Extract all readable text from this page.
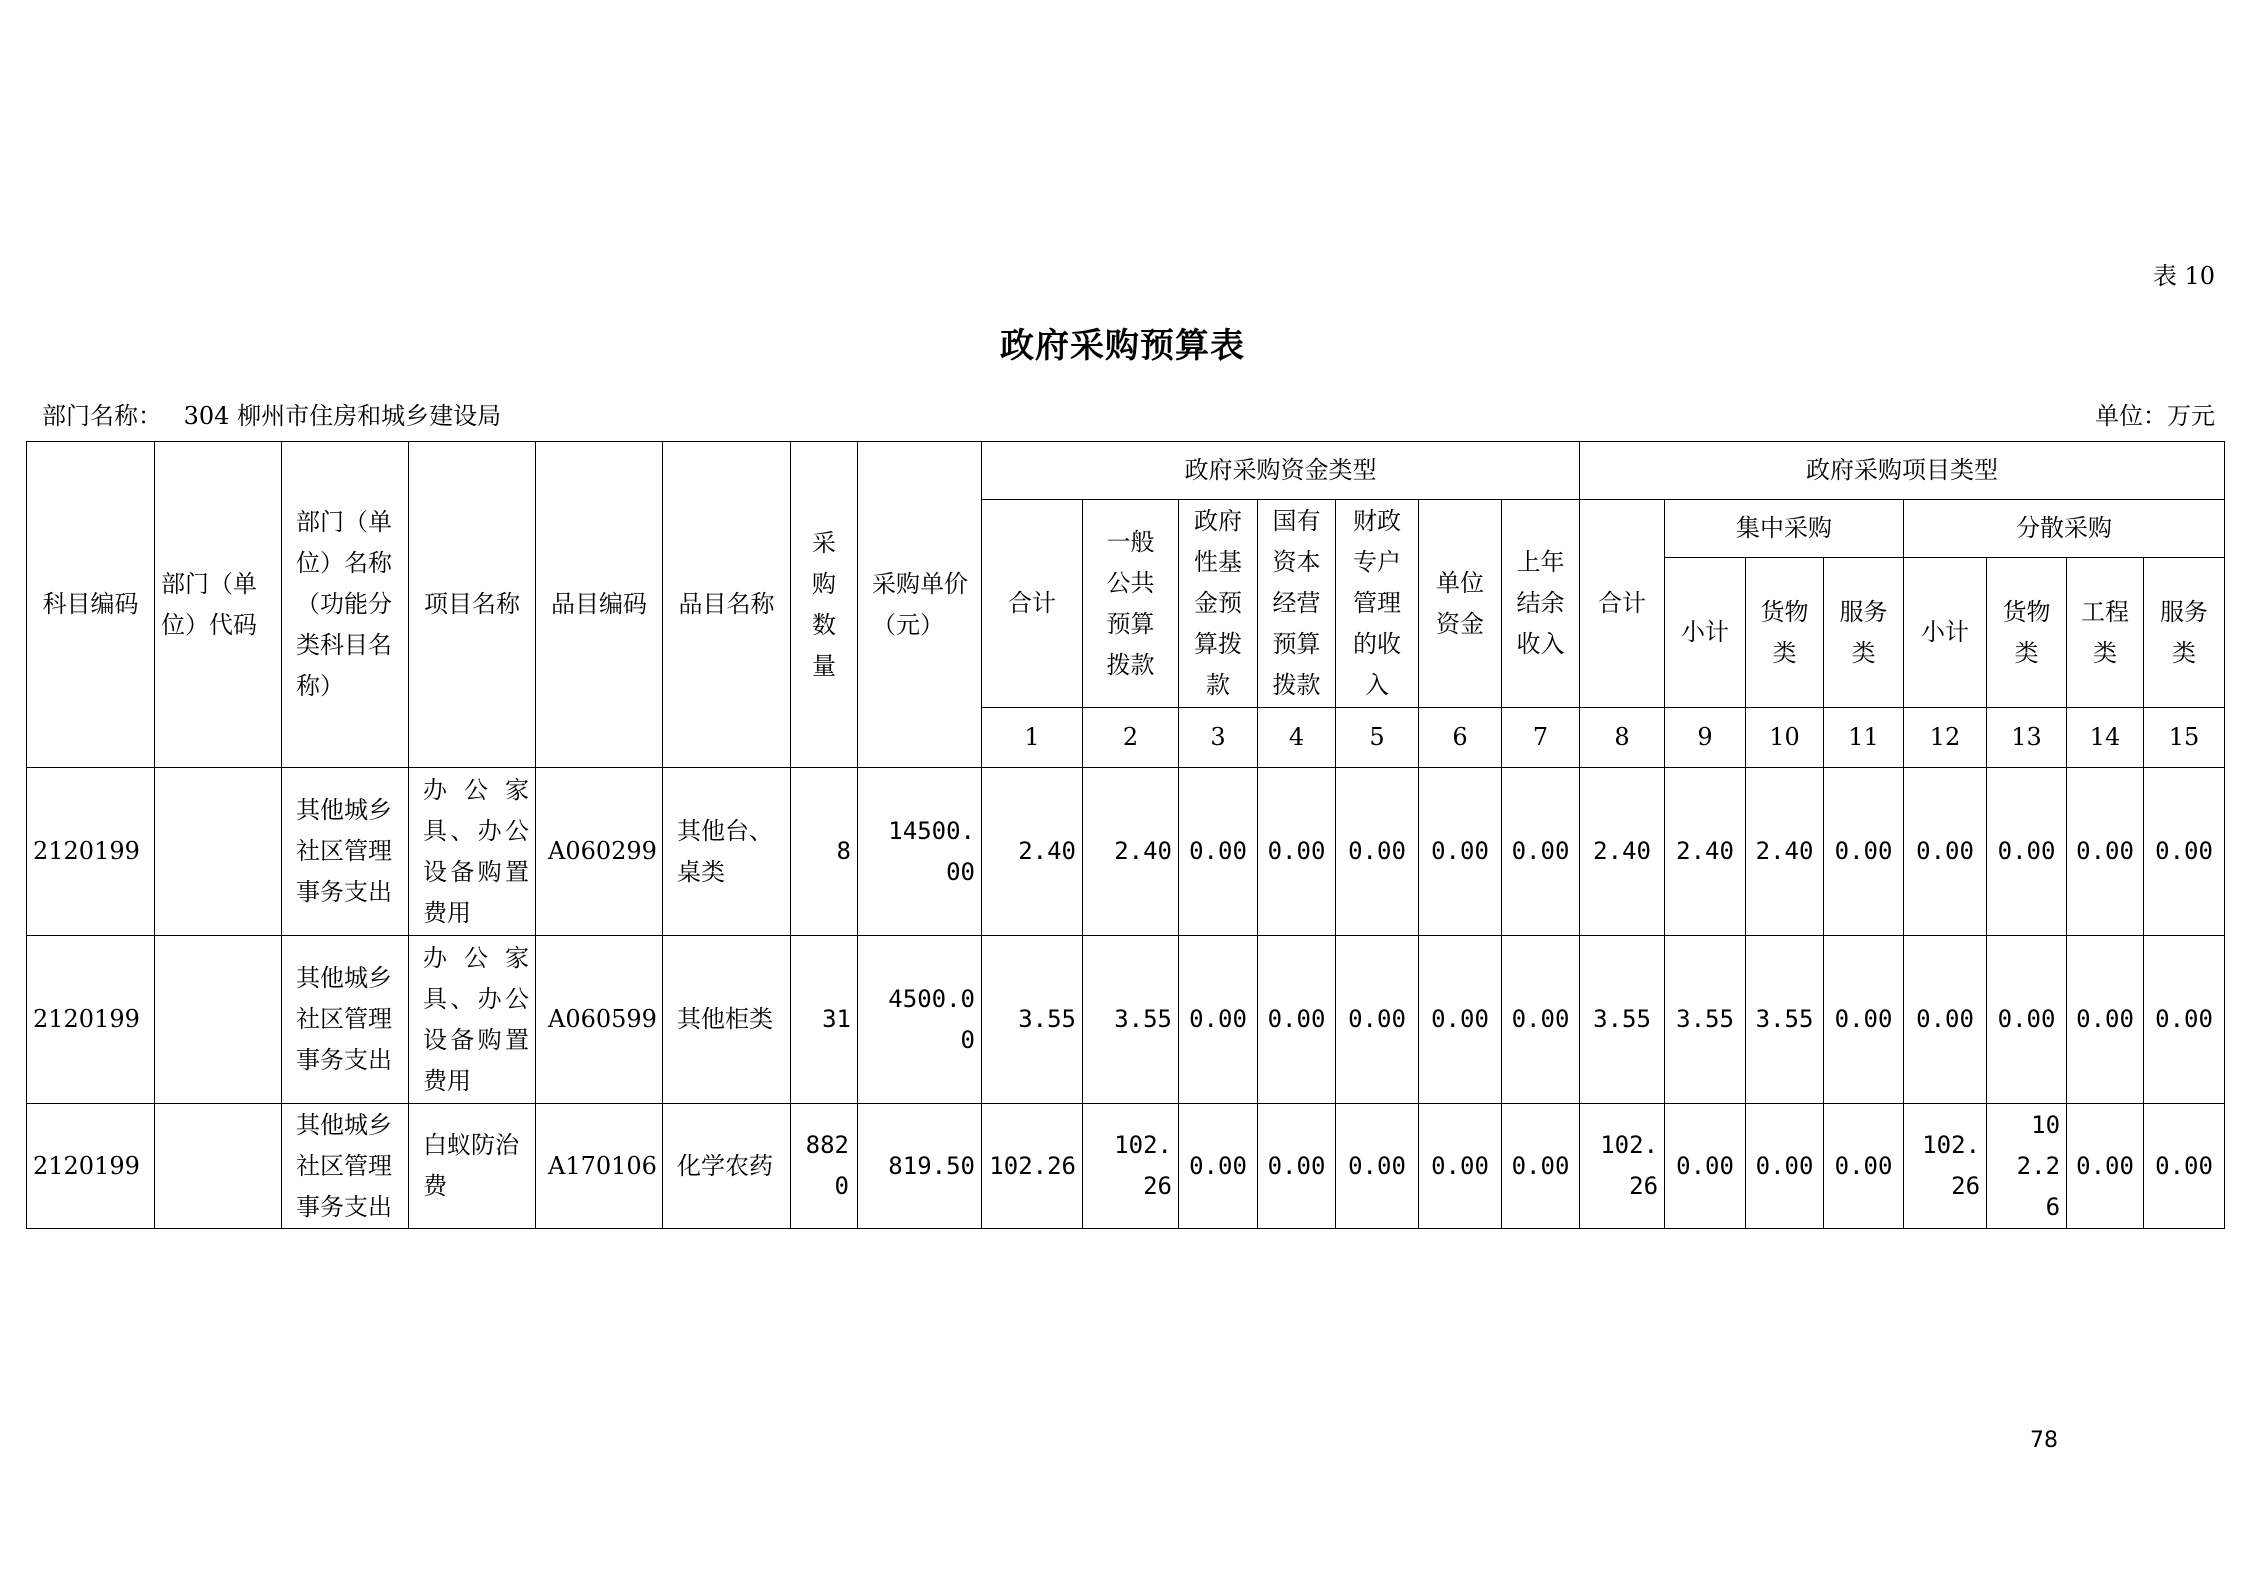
表 10
政府采购预算表
部门名称： 304 柳州市住房和城乡建设局	单位：万元
科目编码	部门（单位）代码	部门（单位）名称（功能分类科目名称）	项目名称	品目编码	品目名称	采购数量	采购单价（元）	政府采购资金类型							政府采购项目类型							
								合计	一般公共预算拨款	政府性基金预算拨款	国有资本经营预算拨款	财政专户管理的收入	单位资金	上年结余收入	合计	集中采购			分散采购			
																小计	货物类	服务类	小计	货物类	工程类	服务类
								1	2	3	4	5	6	7	8	9	10	11	12	13	14	15
2120199		其他城乡社区管理事务支出	办公家具、办公设备购置费用	A060299	其他台、桌类	8	14500.00	2.40	2.40	0.00	0.00	0.00	0.00	0.00	2.40	2.40	2.40	0.00	0.00	0.00	0.00	0.00
2120199		其他城乡社区管理事务支出	办公家具、办公设备购置费用	A060599	其他柜类	31	4500.00	3.55	3.55	0.00	0.00	0.00	0.00	0.00	3.55	3.55	3.55	0.00	0.00	0.00	0.00	0.00
2120199		其他城乡社区管理事务支出	白蚁防治费	A170106	化学农药	8820	819.50	102.26	102.26	0.00	0.00	0.00	0.00	0.00	102.26	0.00	0.00	0.00	102.26	102.26	0.00	0.00
78
